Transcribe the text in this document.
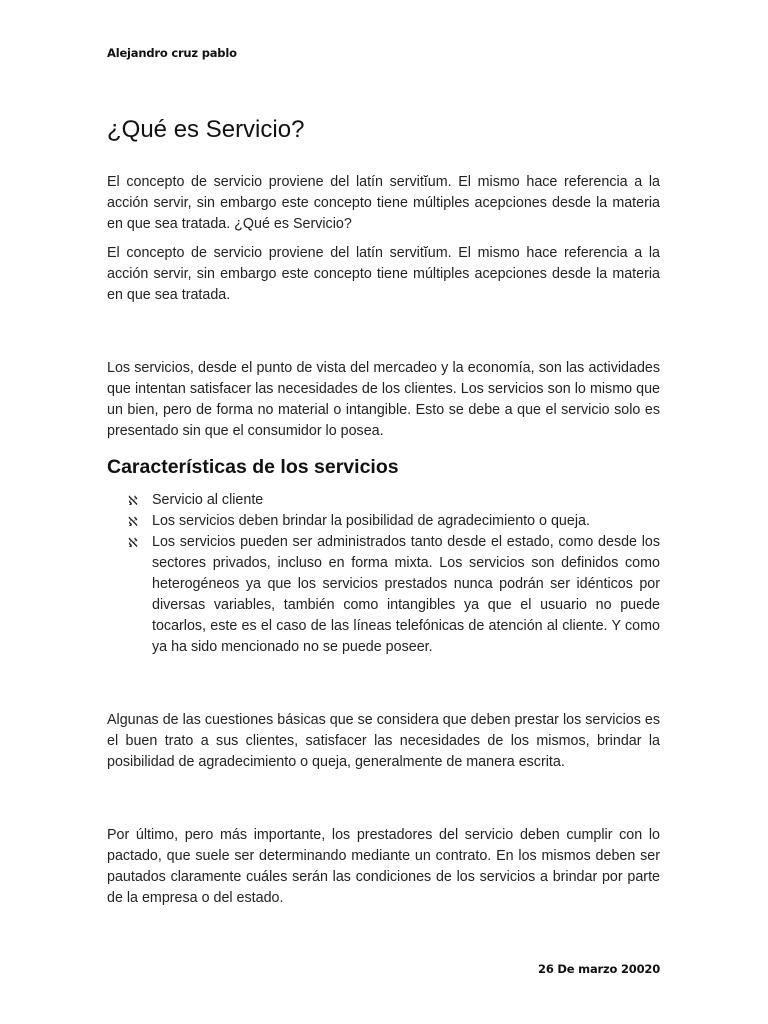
Alejandro cruz pablo
¿Qué es Servicio?

El concepto de servicio proviene del latín servitĭum. El mismo hace referencia a la acción servir, sin embargo este concepto tiene múltiples acepciones desde la materia en que sea tratada. ¿Qué es Servicio?

El concepto de servicio proviene del latín servitĭum. El mismo hace referencia a la acción servir, sin embargo este concepto tiene múltiples acepciones desde la materia en que sea tratada.

Los servicios, desde el punto de vista del mercadeo y la economía, son las actividades que intentan satisfacer las necesidades de los clientes. Los servicios son lo mismo que un bien, pero de forma no material o intangible. Esto se debe a que el servicio solo es presentado sin que el consumidor lo posea.

Características de los servicios
ℵ Servicio al cliente
ℵ Los servicios deben brindar la posibilidad de agradecimiento o queja.
ℵ Los servicios pueden ser administrados tanto desde el estado, como desde los sectores privados, incluso en forma mixta. Los servicios son definidos como heterogéneos ya que los servicios prestados nunca podrán ser idénticos por diversas variables, también como intangibles ya que el usuario no puede tocarlos, este es el caso de las líneas telefónicas de atención al cliente. Y como ya ha sido mencionado no se puede poseer.

Algunas de las cuestiones básicas que se considera que deben prestar los servicios es el buen trato a sus clientes, satisfacer las necesidades de los mismos, brindar la posibilidad de agradecimiento o queja, generalmente de manera escrita.

Por último, pero más importante, los prestadores del servicio deben cumplir con lo pactado, que suele ser determinando mediante un contrato. En los mismos deben ser pautados claramente cuáles serán las condiciones de los servicios a brindar por parte de la empresa o del estado.

26 De marzo 20020
